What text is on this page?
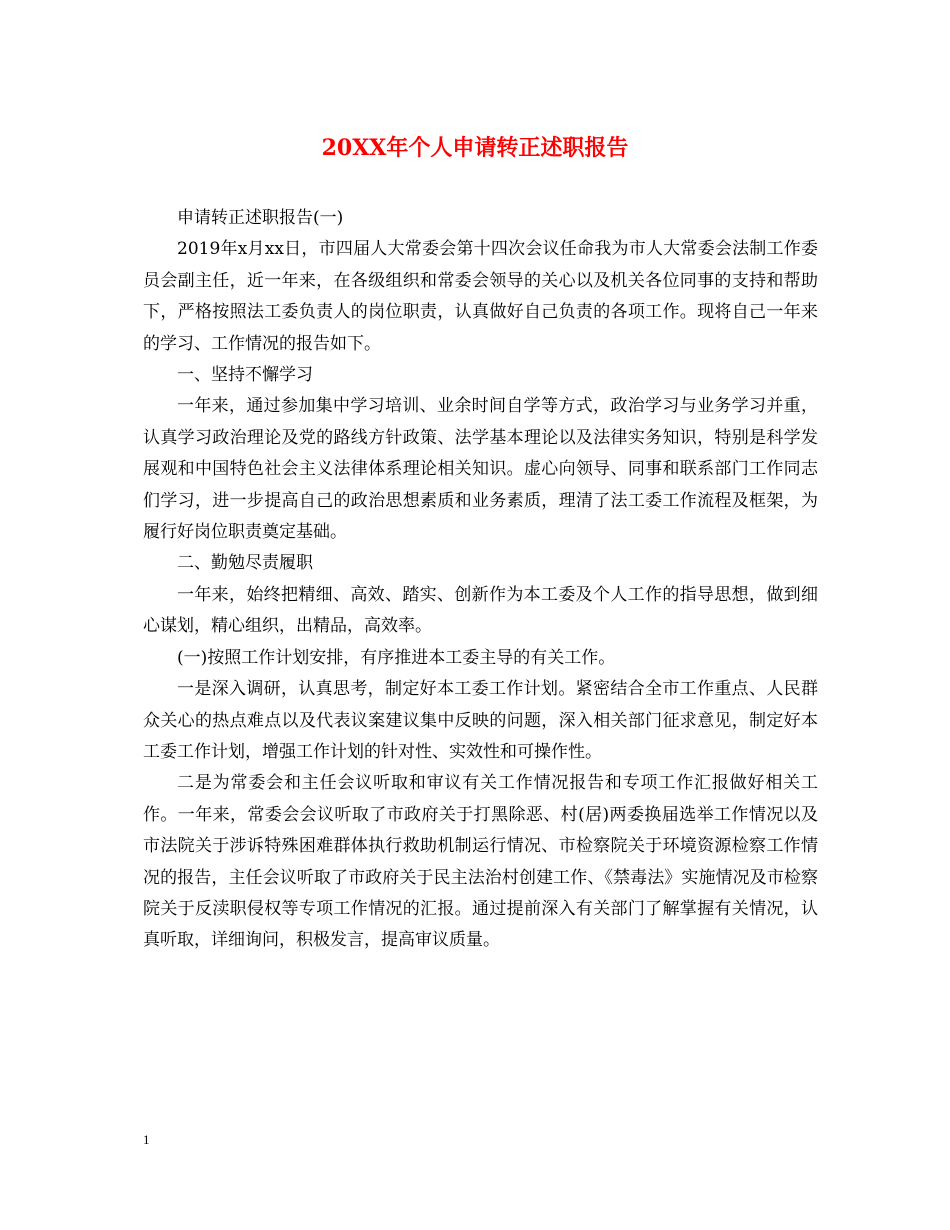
20XX年个人申请转正述职报告

申请转正述职报告(一)

2019年x月xx日，市四届人大常委会第十四次会议任命我为市人大常委会法制工作委员会副主任，近一年来，在各级组织和常委会领导的关心以及机关各位同事的支持和帮助下，严格按照法工委负责人的岗位职责，认真做好自己负责的各项工作。现将自己一年来的学习、工作情况的报告如下。

一、坚持不懈学习

一年来，通过参加集中学习培训、业余时间自学等方式，政治学习与业务学习并重，认真学习政治理论及党的路线方针政策、法学基本理论以及法律实务知识，特别是科学发展观和中国特色社会主义法律体系理论相关知识。虚心向领导、同事和联系部门工作同志们学习，进一步提高自己的政治思想素质和业务素质，理清了法工委工作流程及框架，为履行好岗位职责奠定基础。

二、勤勉尽责履职

一年来，始终把精细、高效、踏实、创新作为本工委及个人工作的指导思想，做到细心谋划，精心组织，出精品，高效率。

(一)按照工作计划安排，有序推进本工委主导的有关工作。

一是深入调研，认真思考，制定好本工委工作计划。紧密结合全市工作重点、人民群众关心的热点难点以及代表议案建议集中反映的问题，深入相关部门征求意见，制定好本工委工作计划，增强工作计划的针对性、实效性和可操作性。

二是为常委会和主任会议听取和审议有关工作情况报告和专项工作汇报做好相关工作。一年来，常委会会议听取了市政府关于打黑除恶、村(居)两委换届选举工作情况以及市法院关于涉诉特殊困难群体执行救助机制运行情况、市检察院关于环境资源检察工作情况的报告，主任会议听取了市政府关于民主法治村创建工作、《禁毒法》实施情况及市检察院关于反渎职侵权等专项工作情况的汇报。通过提前深入有关部门了解掌握有关情况，认真听取，详细询问，积极发言，提高审议质量。

1
